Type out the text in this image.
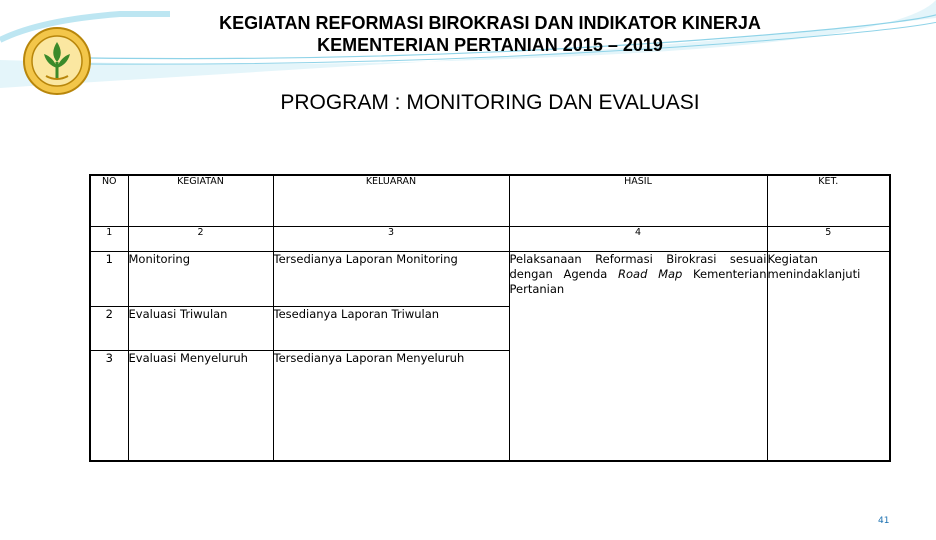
KEGIATAN REFORMASI BIROKRASI DAN INDIKATOR KINERJA
KEMENTERIAN PERTANIAN 2015 – 2019
PROGRAM : MONITORING DAN EVALUASI
NO	KEGIATAN	KELUARAN	HASIL	KET.
1	2	3	4	5
1	Monitoring	Tersedianya Laporan Monitoring	Pelaksanaan Reformasi Birokrasi sesuai dengan Agenda Road Map Kementerian Pertanian	Kegiatan menindaklanjuti
2	Evaluasi Triwulan	Tesedianya Laporan Triwulan		
3	Evaluasi Menyeluruh	Tersedianya Laporan Menyeluruh		
41
